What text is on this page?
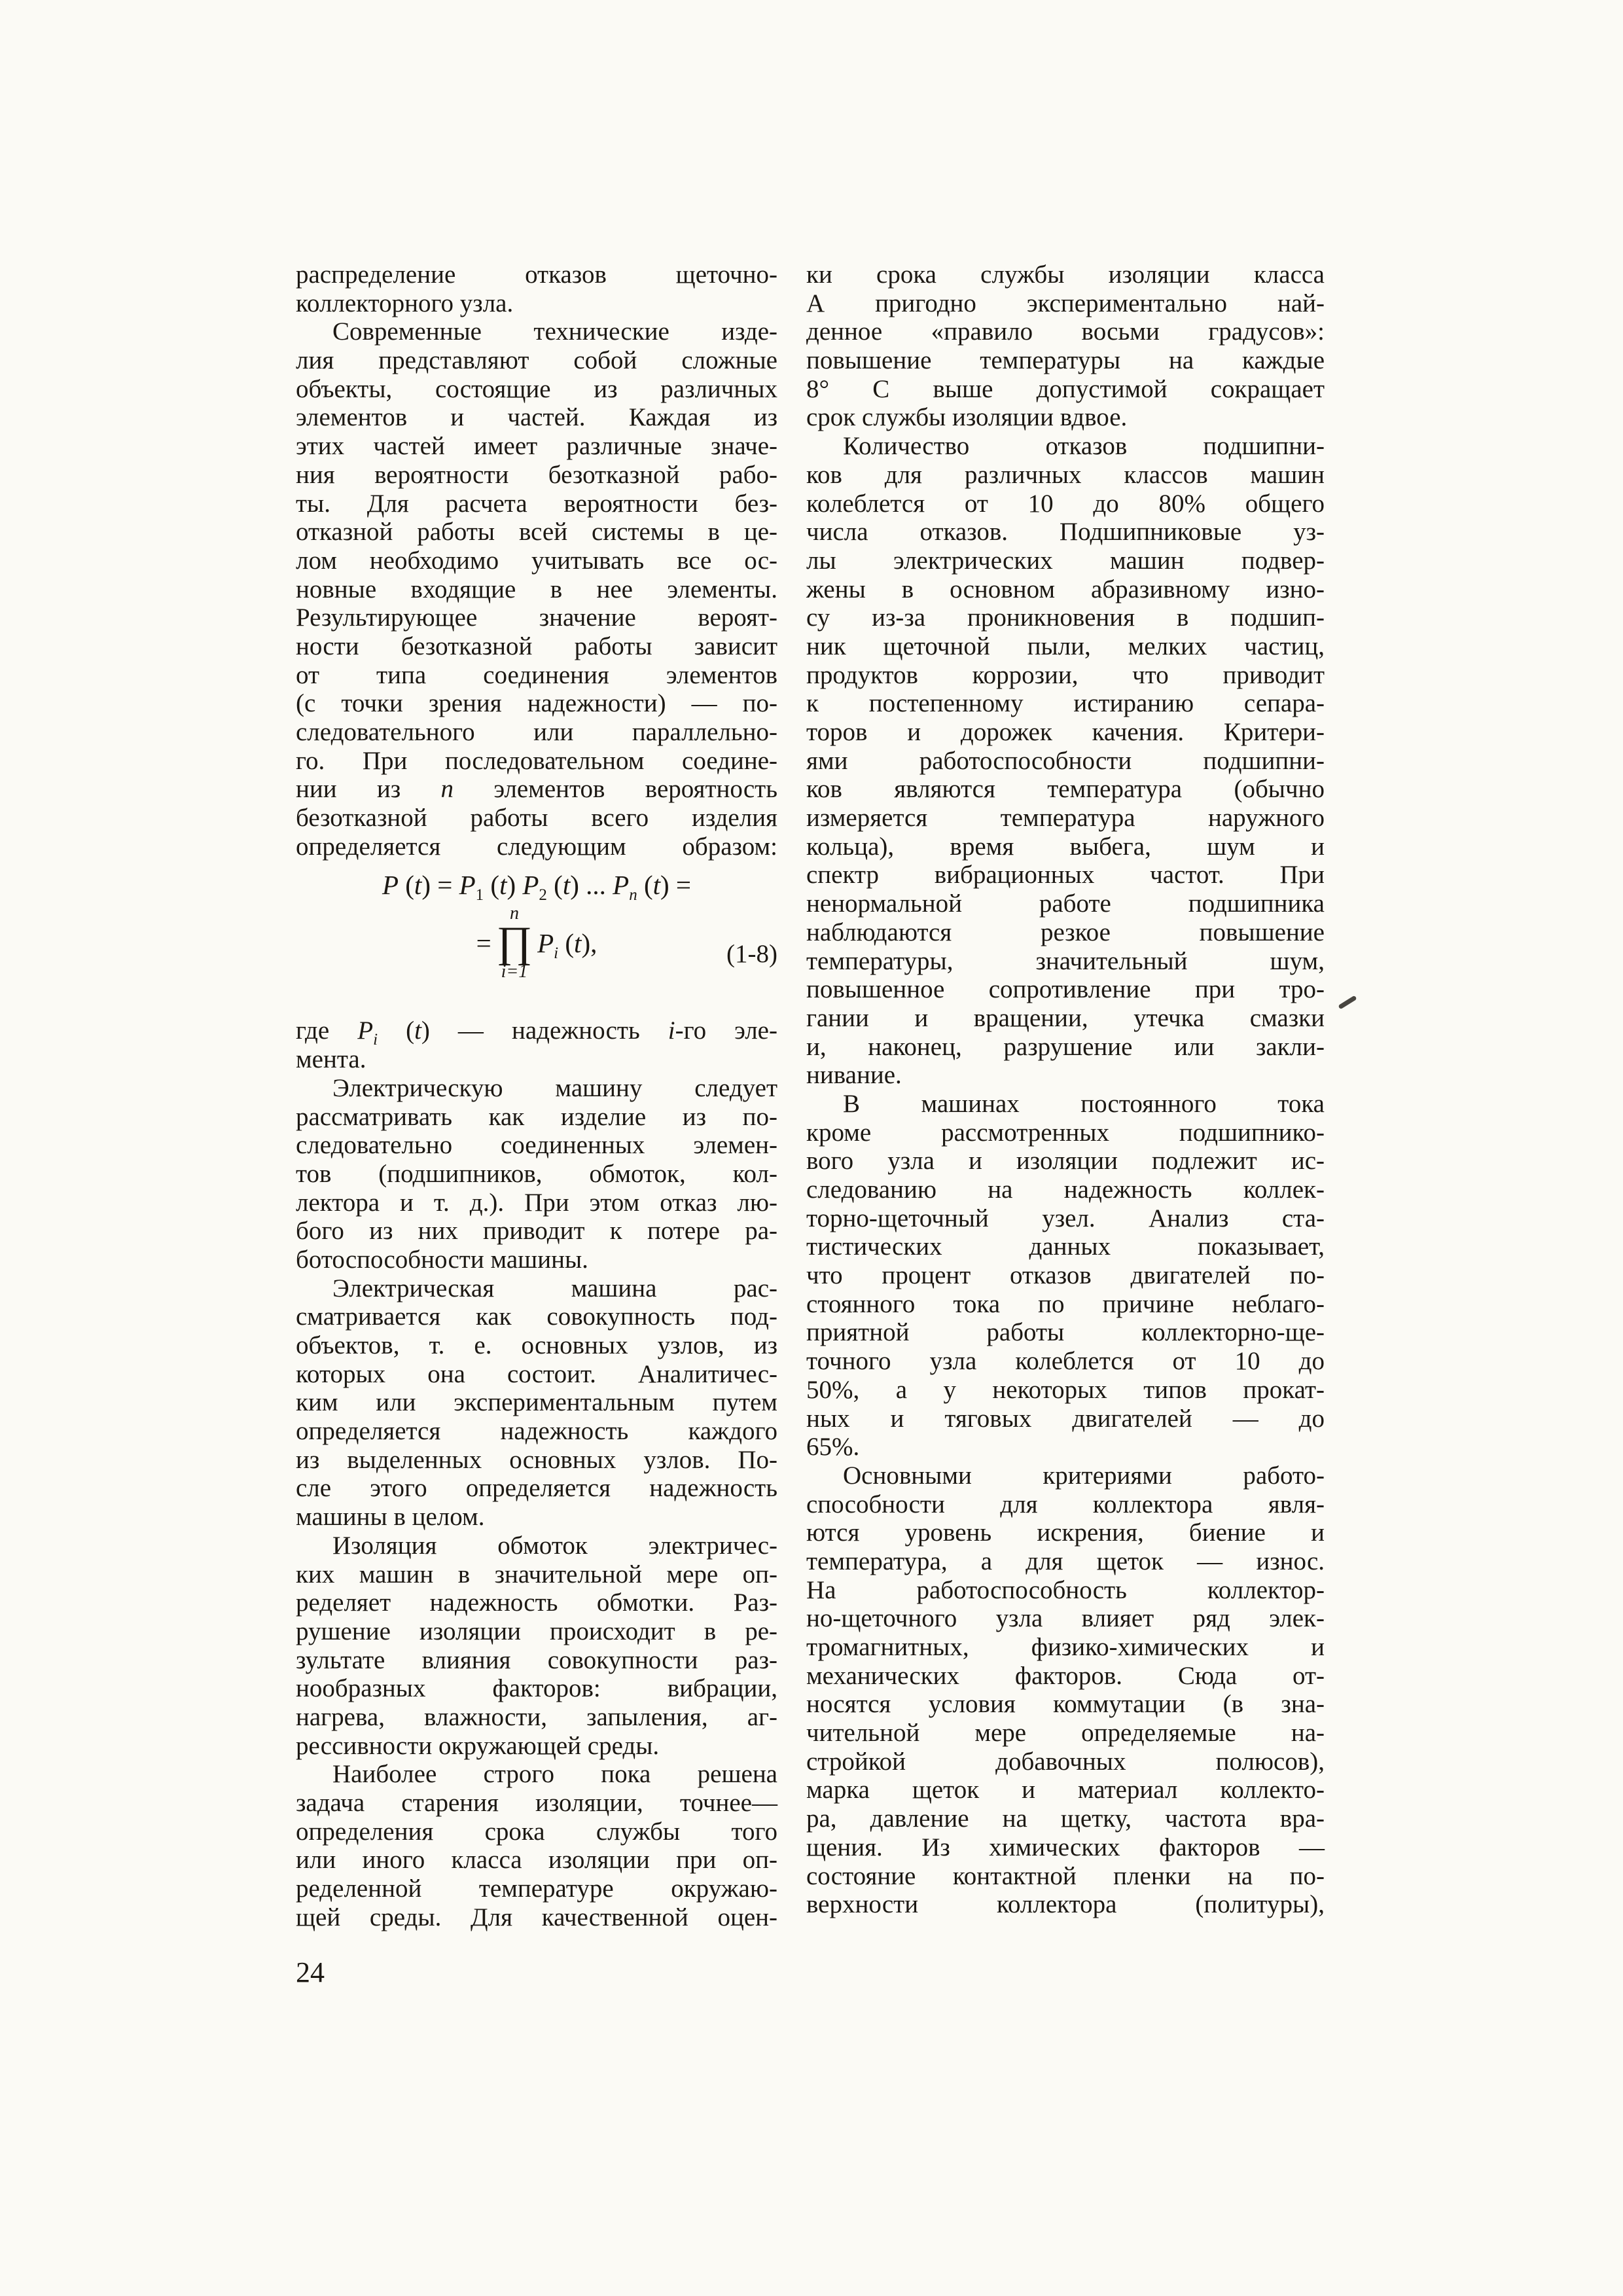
распределение отказов щеточно-
коллекторного узла.
Современные технические изде-
лия представляют собой сложные
объекты, состоящие из различных
элементов и частей. Каждая из
этих частей имеет различные значе-
ния вероятности безотказной рабо-
ты. Для расчета вероятности без-
отказной работы всей системы в це-
лом необходимо учитывать все ос-
новные входящие в нее элементы.
Результирующее значение вероят-
ности безотказной работы зависит
от типа соединения элементов
(с точки зрения надежности) — по-
следовательного или параллельно-
го. При последовательном соедине-
нии из n элементов вероятность
безотказной работы всего изделия
определяется следующим образом:
P $(t) = P_1$ (t) $P_2$ (t) ... $P_n$ (t) =
=
n
∏
i=1
$P_i$ (t),	(1-8)
где $P_i$ (t) — надежность i-го эле-
мента.
Электрическую машину следует
рассматривать как изделие из по-
следовательно соединенных элемен-
тов (подшипников, обмоток, кол-
лектора и т. д.). При этом отказ лю-
бого из них приводит к потере ра-
ботоспособности машины.
Электрическая машина рас-
сматривается как совокупность под-
объектов, т. е. основных узлов, из
которых она состоит. Аналитичес-
ким или экспериментальным путем
определяется надежность каждого
из выделенных основных узлов. По-
сле этого определяется надежность
машины в целом.
Изоляция обмоток электричес-
ких машин в значительной мере оп-
ределяет надежность обмотки. Раз-
рушение изоляции происходит в ре-
зультате влияния совокупности раз-
нообразных факторов: вибрации,
нагрева, влажности, запыления, аг-
рессивности окружающей среды.
Наиболее строго пока решена
задача старения изоляции, точнее—
определения срока службы того
или иного класса изоляции при оп-
ределенной температуре окружаю-
щей среды. Для качественной оцен-
ки срока службы изоляции класса
А пригодно экспериментально най-
денное «правило восьми градусов»:
повышение температуры на каждые
8° С выше допустимой сокращает
срок службы изоляции вдвое.
Количество отказов подшипни-
ков для различных классов машин
колеблется от 10 до 80% общего
числа отказов. Подшипниковые уз-
лы электрических машин подвер-
жены в основном абразивному изно-
су из-за проникновения в подшип-
ник щеточной пыли, мелких частиц,
продуктов коррозии, что приводит
к постепенному истиранию сепара-
торов и дорожек качения. Критери-
ями работоспособности подшипни-
ков являются температура (обычно
измеряется температура наружного
кольца), время выбега, шум и
спектр вибрационных частот. При
ненормальной работе подшипника
наблюдаются резкое повышение
температуры, значительный шум,
повышенное сопротивление при тро-
гании и вращении, утечка смазки
и, наконец, разрушение или закли-
нивание.
В машинах постоянного тока
кроме рассмотренных подшипнико-
вого узла и изоляции подлежит ис-
следованию на надежность коллек-
торно-щеточный узел. Анализ ста-
тистических данных показывает,
что процент отказов двигателей по-
стоянного тока по причине неблаго-
приятной работы коллекторно-ще-
точного узла колеблется от 10 до
50%, а у некоторых типов прокат-
ных и тяговых двигателей — до
65%.
Основными критериями работо-
способности для коллектора явля-
ются уровень искрения, биение и
температура, а для щеток — износ.
На работоспособность коллектор-
но-щеточного узла влияет ряд элек-
тромагнитных, физико-химических и
механических факторов. Сюда от-
носятся условия коммутации (в зна-
чительной мере определяемые на-
стройкой добавочных полюсов),
марка щеток и материал коллекто-
ра, давление на щетку, частота вра-
щения. Из химических факторов —
состояние контактной пленки на по-
верхности коллектора (политуры),
24
